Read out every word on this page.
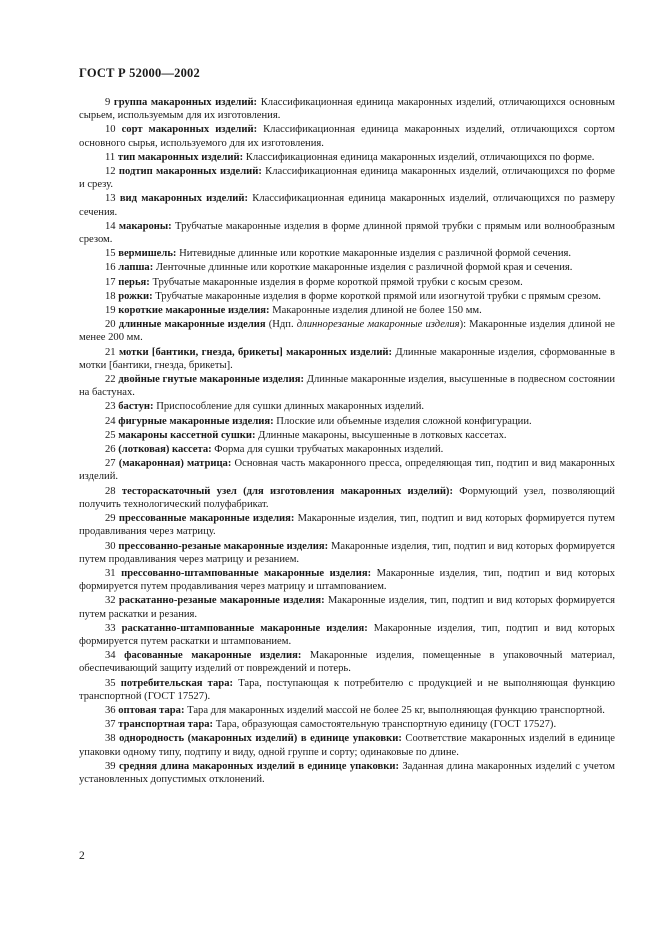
ГОСТ Р 52000—2002

9 группа макаронных изделий: Классификационная единица макаронных изделий, отличающихся основным сырьем, используемым для их изготовления.

10 сорт макаронных изделий: Классификационная единица макаронных изделий, отличающихся сортом основного сырья, используемого для их изготовления.

11 тип макаронных изделий: Классификационная единица макаронных изделий, отличающихся по форме.

12 подтип макаронных изделий: Классификационная единица макаронных изделий, отличающихся по форме и срезу.

13 вид макаронных изделий: Классификационная единица макаронных изделий, отличающихся по размеру сечения.

14 макароны: Трубчатые макаронные изделия в форме длинной прямой трубки с прямым или волнообразным срезом.

15 вермишель: Нитевидные длинные или короткие макаронные изделия с различной формой сечения.

16 лапша: Ленточные длинные или короткие макаронные изделия с различной формой края и сечения.

17 перья: Трубчатые макаронные изделия в форме короткой прямой трубки с косым срезом.

18 рожки: Трубчатые макаронные изделия в форме короткой прямой или изогнутой трубки с прямым срезом.

19 короткие макаронные изделия: Макаронные изделия длиной не более 150 мм.

20 длинные макаронные изделия (Ндп. длиннорезаные макаронные изделия): Макаронные изделия длиной не менее 200 мм.

21 мотки [бантики, гнезда, брикеты] макаронных изделий: Длинные макаронные изделия, сформованные в мотки [бантики, гнезда, брикеты].

22 двойные гнутые макаронные изделия: Длинные макаронные изделия, высушенные в подвесном состоянии на бастунах.

23 бастун: Приспособление для сушки длинных макаронных изделий.

24 фигурные макаронные изделия: Плоские или объемные изделия сложной конфигурации.

25 макароны кассетной сушки: Длинные макароны, высушенные в лотковых кассетах.

26 (лотковая) кассета: Форма для сушки трубчатых макаронных изделий.

27 (макаронная) матрица: Основная часть макаронного пресса, определяющая тип, подтип и вид макаронных изделий.

28 тестораскаточный узел (для изготовления макаронных изделий): Формующий узел, позволяющий получить технологический полуфабрикат.

29 прессованные макаронные изделия: Макаронные изделия, тип, подтип и вид которых формируется путем продавливания через матрицу.

30 прессованно-резаные макаронные изделия: Макаронные изделия, тип, подтип и вид которых формируется путем продавливания через матрицу и резанием.

31 прессованно-штампованные макаронные изделия: Макаронные изделия, тип, подтип и вид которых формируется путем продавливания через матрицу и штампованием.

32 раскатанно-резаные макаронные изделия: Макаронные изделия, тип, подтип и вид которых формируется путем раскатки и резания.

33 раскатанно-штампованные макаронные изделия: Макаронные изделия, тип, подтип и вид которых формируется путем раскатки и штампованием.

34 фасованные макаронные изделия: Макаронные изделия, помещенные в упаковочный материал, обеспечивающий защиту изделий от повреждений и потерь.

35 потребительская тара: Тара, поступающая к потребителю с продукцией и не выполняющая функцию транспортной (ГОСТ 17527).

36 оптовая тара: Тара для макаронных изделий массой не более 25 кг, выполняющая функцию транспортной.

37 транспортная тара: Тара, образующая самостоятельную транспортную единицу (ГОСТ 17527).

38 однородность (макаронных изделий) в единице упаковки: Соответствие макаронных изделий в единице упаковки одному типу, подтипу и виду, одной группе и сорту; одинаковые по длине.

39 средняя длина макаронных изделий в единице упаковки: Заданная длина макаронных изделий с учетом установленных допустимых отклонений.

2
